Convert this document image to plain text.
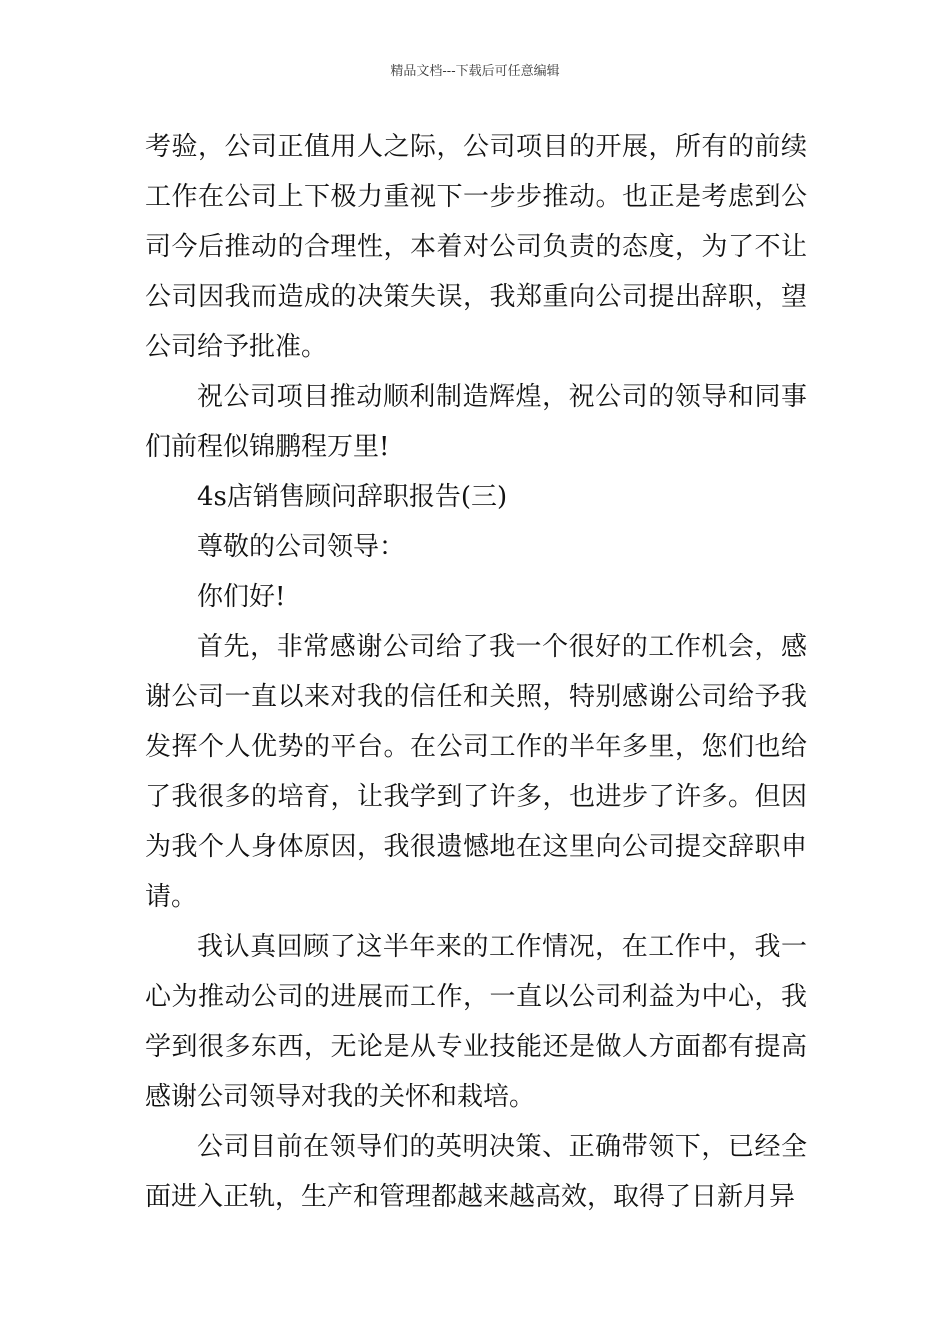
精品文档---下载后可任意编辑

考验，公司正值用人之际，公司项目的开展，所有的前续工作在公司上下极力重视下一步步推动。也正是考虑到公司今后推动的合理性，本着对公司负责的态度，为了不让公司因我而造成的决策失误，我郑重向公司提出辞职，望公司给予批准。

祝公司项目推动顺利制造辉煌，祝公司的领导和同事们前程似锦鹏程万里!

4s店销售顾问辞职报告(三)

尊敬的公司领导：

你们好!

首先，非常感谢公司给了我一个很好的工作机会，感谢公司一直以来对我的信任和关照，特别感谢公司给予我发挥个人优势的平台。在公司工作的半年多里，您们也给了我很多的培育，让我学到了许多，也进步了许多。但因为我个人身体原因，我很遗憾地在这里向公司提交辞职申请。

我认真回顾了这半年来的工作情况，在工作中，我一心为推动公司的进展而工作，一直以公司利益为中心，我学到很多东西，无论是从专业技能还是做人方面都有提高感谢公司领导对我的关怀和栽培。

公司目前在领导们的英明决策、正确带领下，已经全面进入正轨，生产和管理都越来越高效，取得了日新月异
